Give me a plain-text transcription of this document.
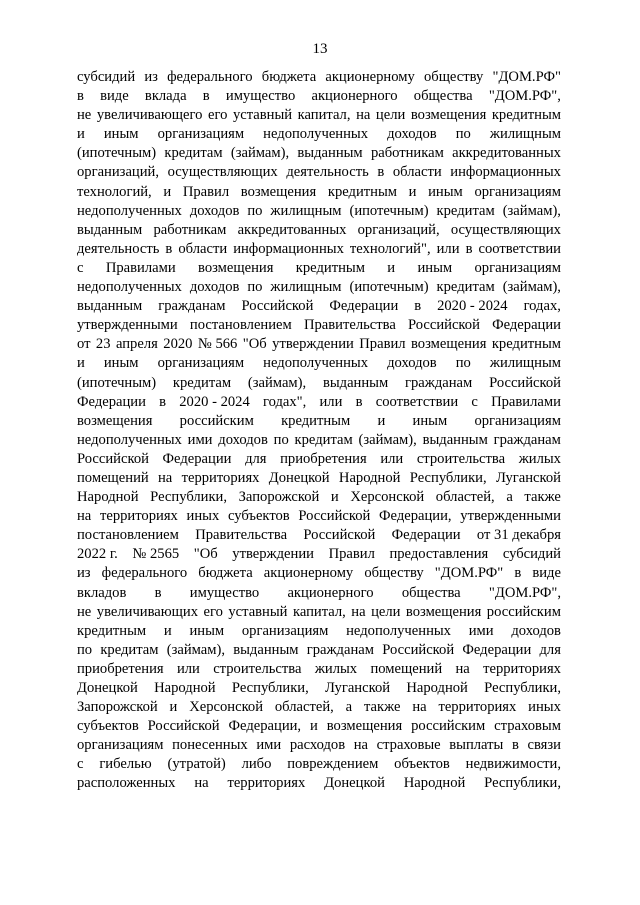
13
субсидий из федерального бюджета акционерному обществу "ДОМ.РФ"
в виде вклада в имущество акционерного общества "ДОМ.РФ",
не увеличивающего его уставный капитал, на цели возмещения кредитным
и иным организациям недополученных доходов по жилищным
(ипотечным) кредитам (займам), выданным работникам аккредитованных
организаций, осуществляющих деятельность в области информационных
технологий, и Правил возмещения кредитным и иным организациям
недополученных доходов по жилищным (ипотечным) кредитам (займам),
выданным работникам аккредитованных организаций, осуществляющих
деятельность в области информационных технологий", или в соответствии
с Правилами возмещения кредитным и иным организациям
недополученных доходов по жилищным (ипотечным) кредитам (займам),
выданным гражданам Российской Федерации в 2020 - 2024 годах,
утвержденными постановлением Правительства Российской Федерации
от 23 апреля 2020 № 566 "Об утверждении Правил возмещения кредитным
и иным организациям недополученных доходов по жилищным
(ипотечным) кредитам (займам), выданным гражданам Российской
Федерации в 2020 - 2024 годах", или в соответствии с Правилами
возмещения российским кредитным и иным организациям
недополученных ими доходов по кредитам (займам), выданным гражданам
Российской Федерации для приобретения или строительства жилых
помещений на территориях Донецкой Народной Республики, Луганской
Народной Республики, Запорожской и Херсонской областей, а также
на территориях иных субъектов Российской Федерации, утвержденными
постановлением Правительства Российской Федерации от 31 декабря
2022 г. № 2565 "Об утверждении Правил предоставления субсидий
из федерального бюджета акционерному обществу "ДОМ.РФ" в виде
вкладов в имущество акционерного общества "ДОМ.РФ",
не увеличивающих его уставный капитал, на цели возмещения российским
кредитным и иным организациям недополученных ими доходов
по кредитам (займам), выданным гражданам Российской Федерации для
приобретения или строительства жилых помещений на территориях
Донецкой Народной Республики, Луганской Народной Республики,
Запорожской и Херсонской областей, а также на территориях иных
субъектов Российской Федерации, и возмещения российским страховым
организациям понесенных ими расходов на страховые выплаты в связи
с гибелью (утратой) либо повреждением объектов недвижимости,
расположенных на территориях Донецкой Народной Республики,
